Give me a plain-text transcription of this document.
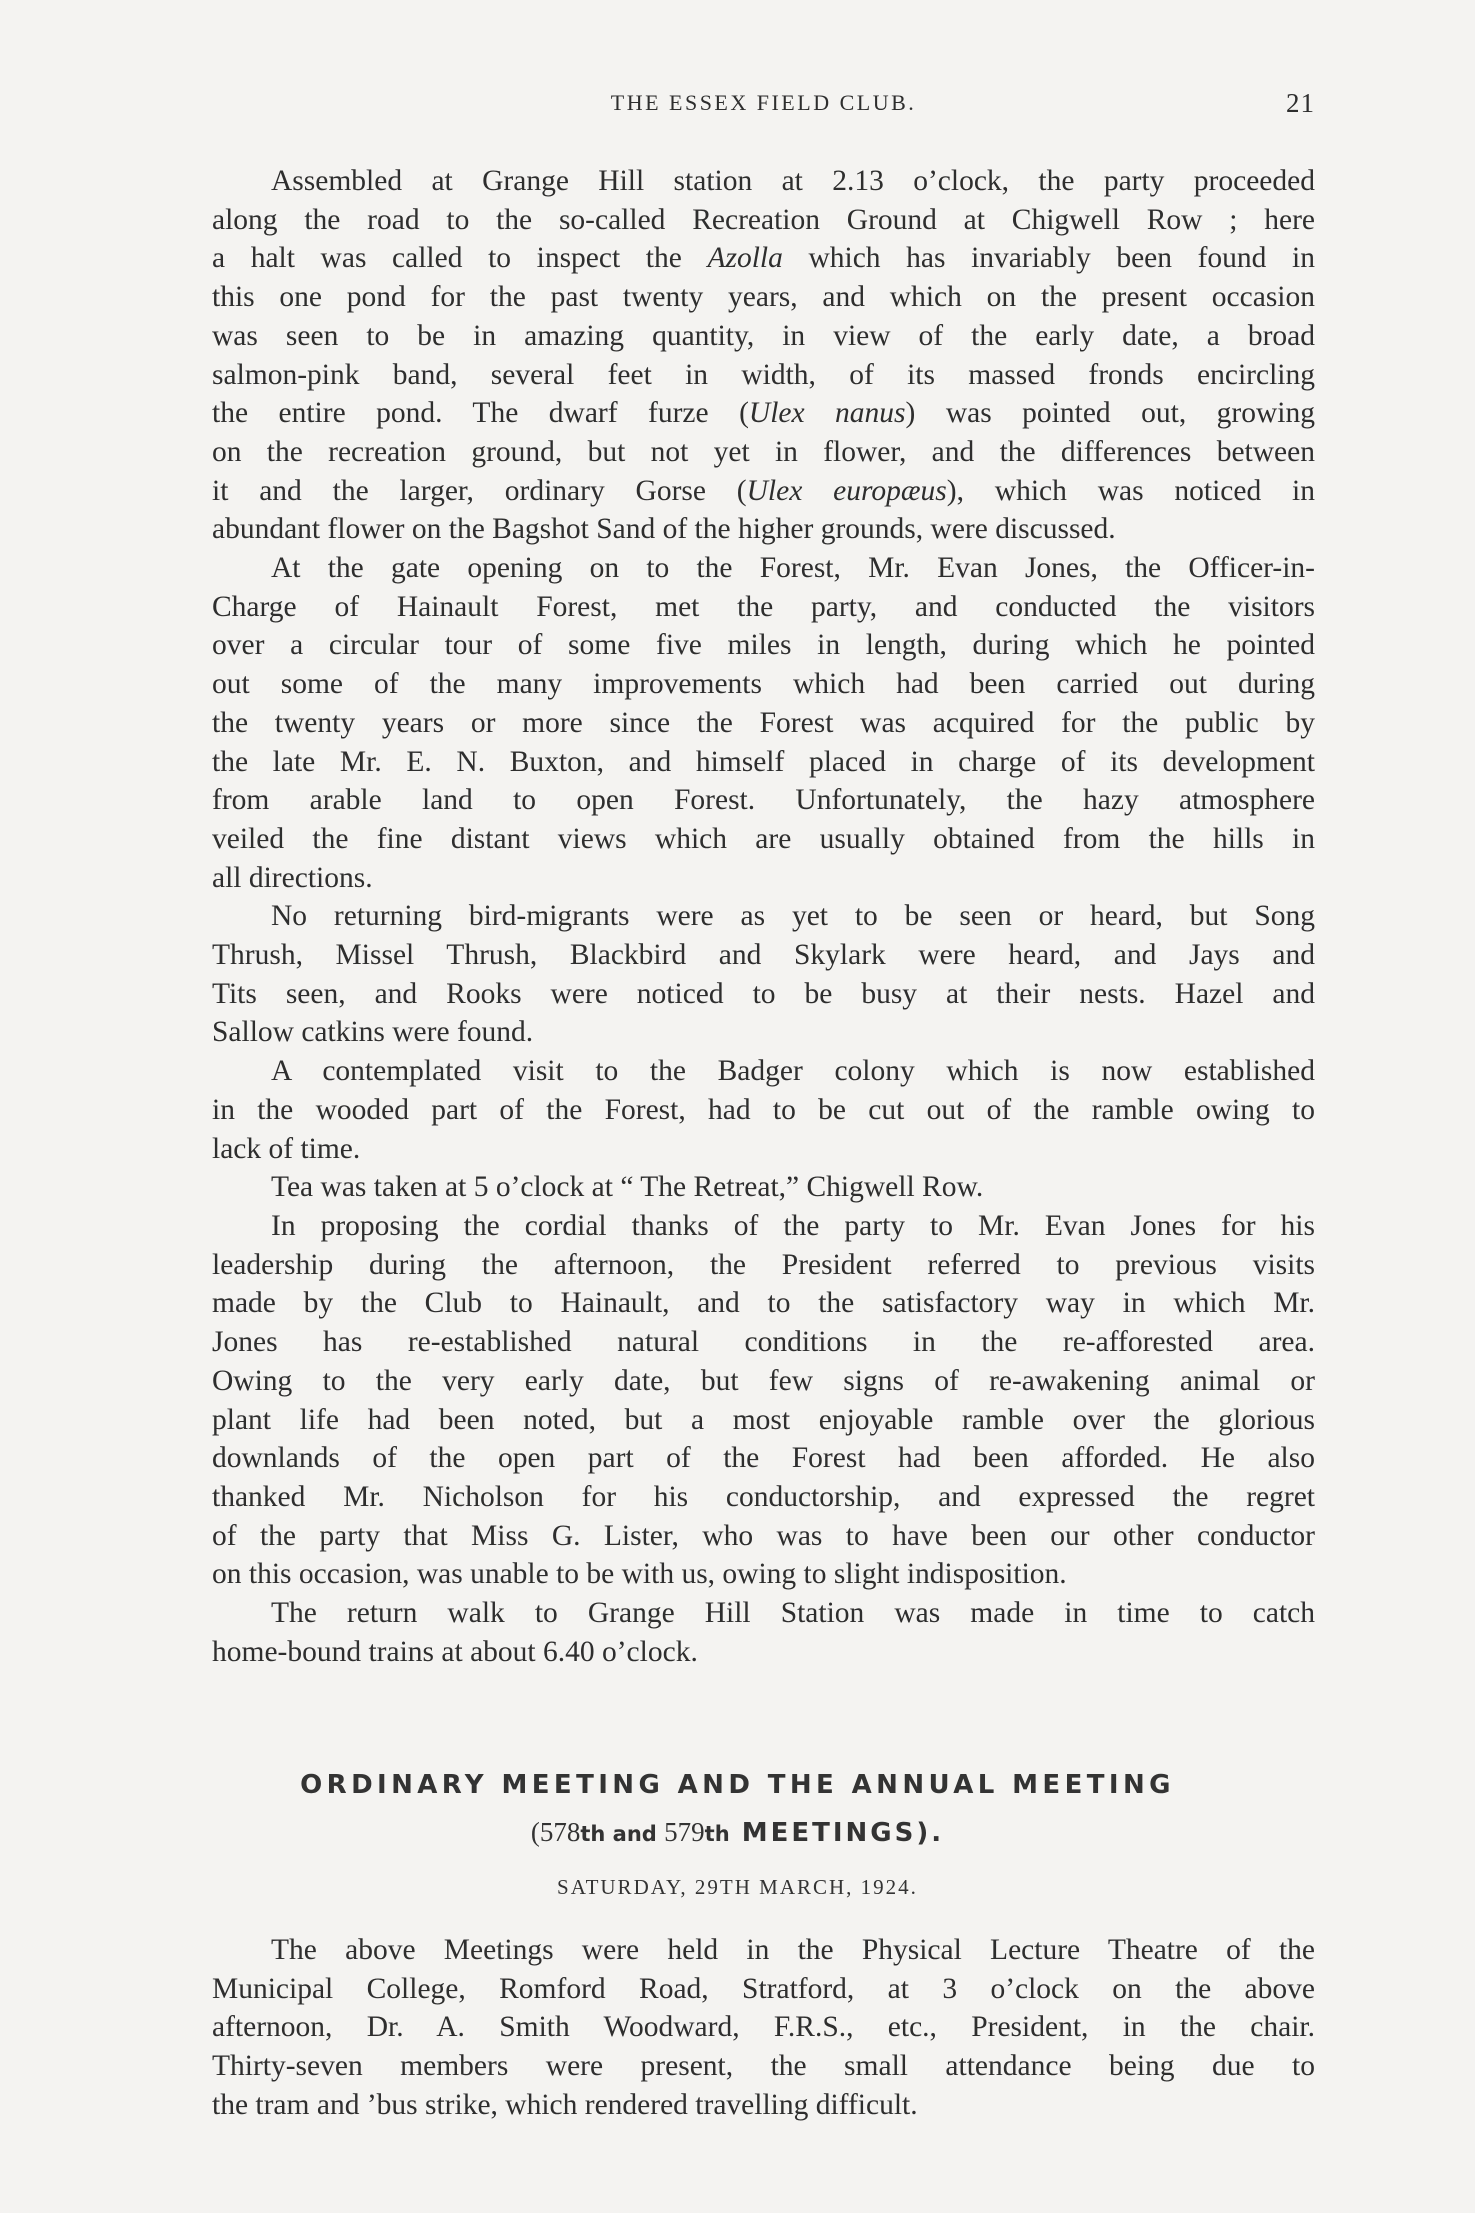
THE ESSEX FIELD CLUB.	21

  Assembled at Grange Hill station at 2.13 o’clock, the party proceeded
along the road to the so-called Recreation Ground at Chigwell Row ; here
a halt was called to inspect the Azolla which has invariably been found in
this one pond for the past twenty years, and which on the present occasion
was seen to be in amazing quantity, in view of the early date, a broad
salmon-pink band, several feet in width, of its massed fronds encircling
the entire pond. The dwarf furze (Ulex nanus) was pointed out, growing
on the recreation ground, but not yet in flower, and the differences between
it and the larger, ordinary Gorse (Ulex europæus), which was noticed in
abundant flower on the Bagshot Sand of the higher grounds, were discussed.

  At the gate opening on to the Forest, Mr. Evan Jones, the Officer-in-
Charge of Hainault Forest, met the party, and conducted the visitors
over a circular tour of some five miles in length, during which he pointed
out some of the many improvements which had been carried out during
the twenty years or more since the Forest was acquired for the public by
the late Mr. E. N. Buxton, and himself placed in charge of its development
from arable land to open Forest. Unfortunately, the hazy atmosphere
veiled the fine distant views which are usually obtained from the hills in
all directions.

  No returning bird-migrants were as yet to be seen or heard, but Song
Thrush, Missel Thrush, Blackbird and Skylark were heard, and Jays and
Tits seen, and Rooks were noticed to be busy at their nests. Hazel and
Sallow catkins were found.

  A contemplated visit to the Badger colony which is now established
in the wooded part of the Forest, had to be cut out of the ramble owing to
lack of time.

  Tea was taken at 5 o’clock at “ The Retreat,” Chigwell Row.

  In proposing the cordial thanks of the party to Mr. Evan Jones for his
leadership during the afternoon, the President referred to previous visits
made by the Club to Hainault, and to the satisfactory way in which Mr.
Jones has re-established natural conditions in the re-afforested area.
Owing to the very early date, but few signs of re-awakening animal or
plant life had been noted, but a most enjoyable ramble over the glorious
downlands of the open part of the Forest had been afforded. He also
thanked Mr. Nicholson for his conductorship, and expressed the regret
of the party that Miss G. Lister, who was to have been our other conductor
on this occasion, was unable to be with us, owing to slight indisposition.

  The return walk to Grange Hill Station was made in time to catch
home-bound trains at about 6.40 o’clock.

ORDINARY MEETING AND THE ANNUAL MEETING
(578th and 579th MEETINGS).
SATURDAY, 29TH MARCH, 1924.

  The above Meetings were held in the Physical Lecture Theatre of the
Municipal College, Romford Road, Stratford, at 3 o’clock on the above
afternoon, Dr. A. Smith Woodward, F.R.S., etc., President, in the chair.
Thirty-seven members were present, the small attendance being due to
the tram and ’bus strike, which rendered travelling difficult.
